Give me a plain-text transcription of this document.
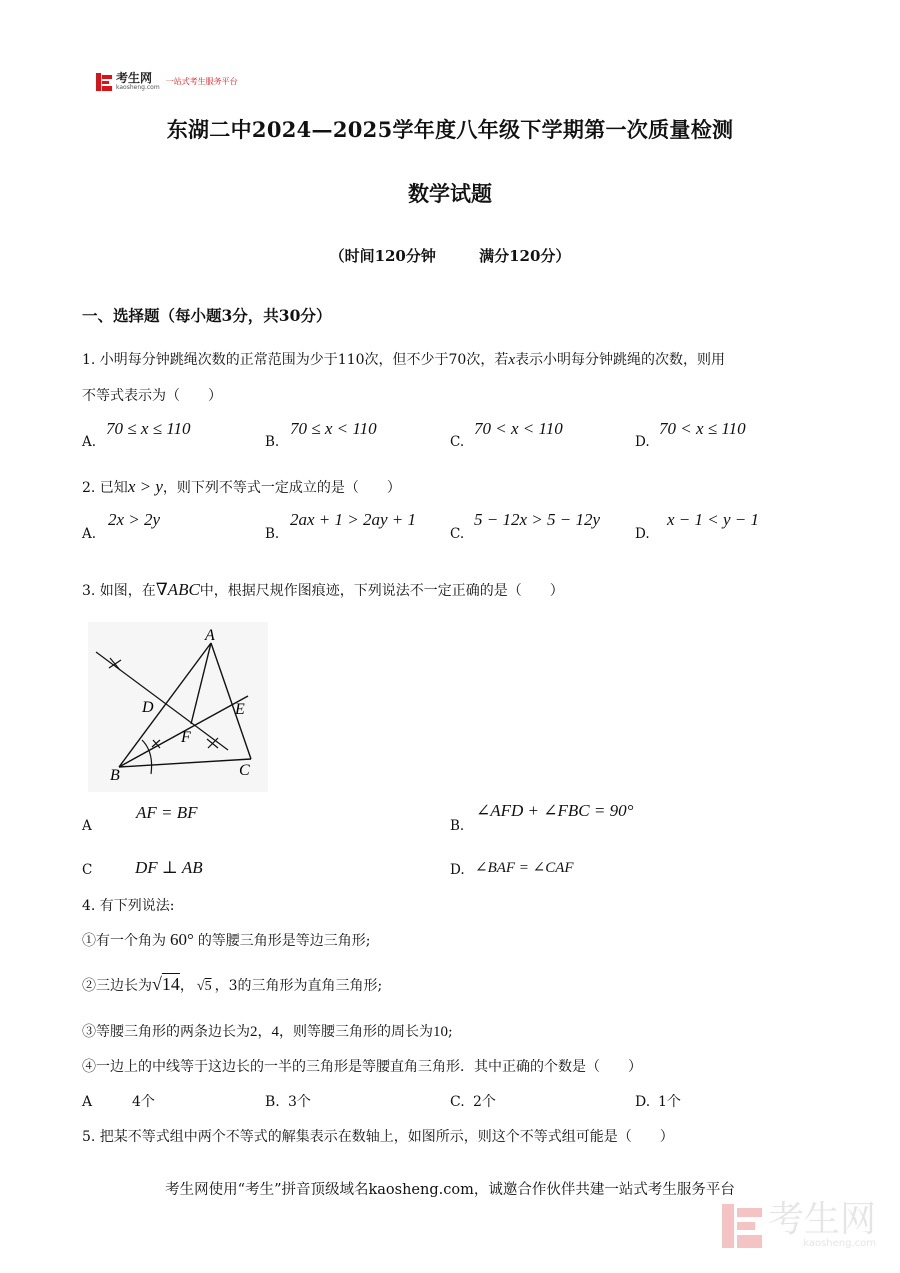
考生网
kaosheng.com
一站式考生服务平台
东湖二中2024—2025学年度八年级下学期第一次质量检测
数学试题
（时间120分钟	满分120分）
一、选择题（每小题3分，共30分）
1. 小明每分钟跳绳次数的正常范围为少于110次，但不少于70次，若x表示小明每分钟跳绳的次数，则用
不等式表示为（　　）
A.
70 ≤ x ≤ 110
B.
70 ≤ x < 110
C.
70 < x < 110
D.
70 < x ≤ 110
2. 已知x > y，则下列不等式一定成立的是（　　）
A.
2x > 2y
B.
2ax + 1 > 2ay + 1
C.
5 − 12x > 5 − 12y
D.
x − 1 < y − 1
3. 如图，在∇ABC中，根据尺规作图痕迹，下列说法不一定正确的是（　　）
A
B	C
D	E
F
A
AF = BF
B.
∠AFD + ∠FBC = 90°
C	DF ⊥ AB	D. ∠BAF = ∠CAF
4. 有下列说法:
①有一个角为 60° 的等腰三角形是等边三角形;
②三边长为√14， √5 ，3的三角形为直角三角形;
③等腰三角形的两条边长为2，4，则等腰三角形的周长为10;
④一边上的中线等于这边长的一半的三角形是等腰直角三角形．其中正确的个数是（　　）
A	4个	B. 3个	C. 2个	D. 1个
5. 把某不等式组中两个不等式的解集表示在数轴上，如图所示，则这个不等式组可能是（　　）
考生网使用“考生”拼音顶级域名kaosheng.com，诚邀合作伙伴共建一站式考生服务平台
考生网
kaosheng.com
